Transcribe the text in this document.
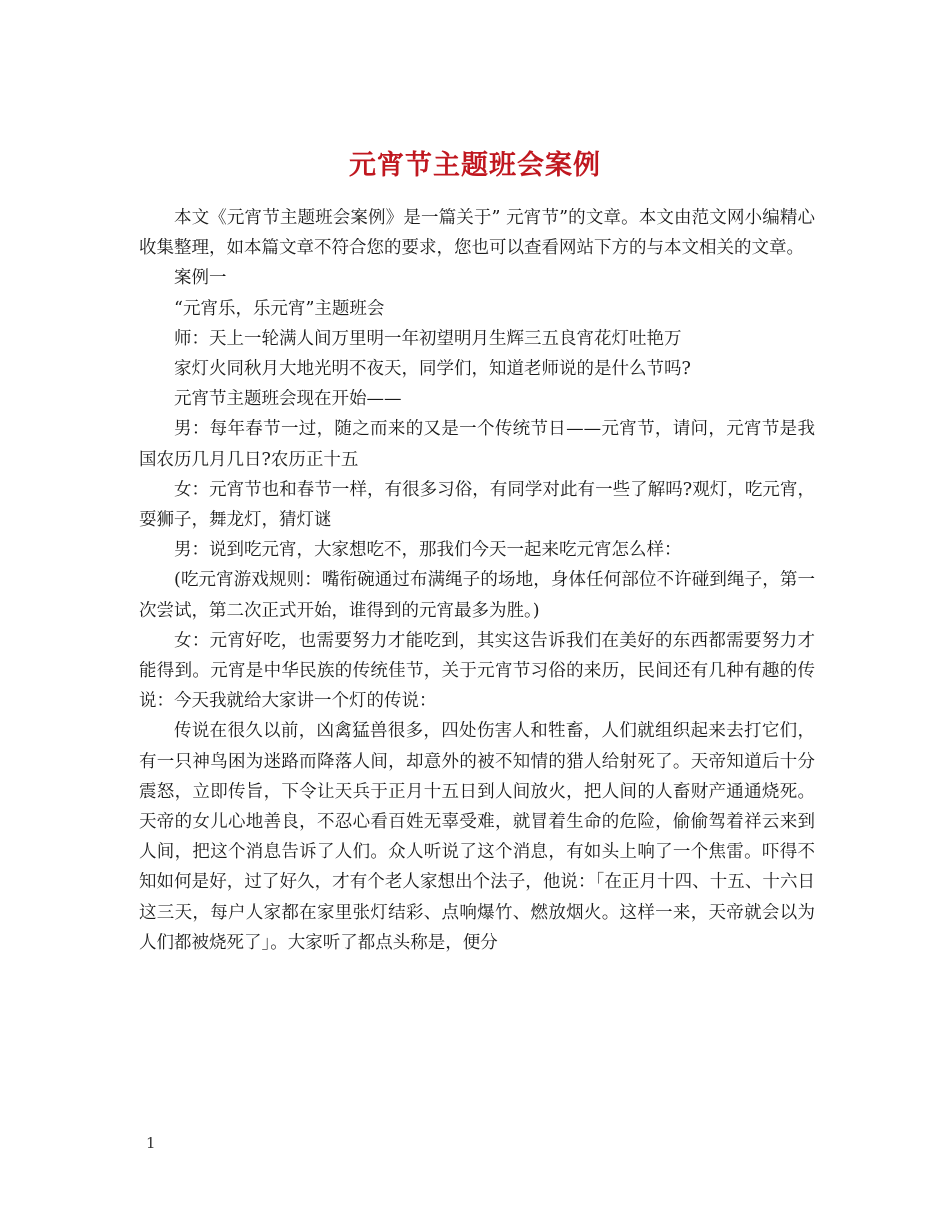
元宵节主题班会案例

本文《元宵节主题班会案例》是一篇关于” 元宵节”的文章。本文由范文网小编精心收集整理，如本篇文章不符合您的要求，您也可以查看网站下方的与本文相关的文章。

案例一

“元宵乐，乐元宵”主题班会

师：天上一轮满人间万里明一年初望明月生辉三五良宵花灯吐艳万

家灯火同秋月大地光明不夜天，同学们，知道老师说的是什么节吗?

元宵节主题班会现在开始——

男：每年春节一过，随之而来的又是一个传统节日——元宵节，请问，元宵节是我国农历几月几日?农历正十五

女：元宵节也和春节一样，有很多习俗，有同学对此有一些了解吗?观灯，吃元宵，耍狮子，舞龙灯，猜灯谜

男：说到吃元宵，大家想吃不，那我们今天一起来吃元宵怎么样：

(吃元宵游戏规则：嘴衔碗通过布满绳子的场地，身体任何部位不许碰到绳子，第一次尝试，第二次正式开始，谁得到的元宵最多为胜。)

女：元宵好吃，也需要努力才能吃到，其实这告诉我们在美好的东西都需要努力才能得到。元宵是中华民族的传统佳节，关于元宵节习俗的来历，民间还有几种有趣的传说：今天我就给大家讲一个灯的传说：

传说在很久以前，凶禽猛兽很多，四处伤害人和牲畜，人们就组织起来去打它们，有一只神鸟困为迷路而降落人间，却意外的被不知情的猎人给射死了。天帝知道后十分震怒，立即传旨，下令让天兵于正月十五日到人间放火，把人间的人畜财产通通烧死。天帝的女儿心地善良，不忍心看百姓无辜受难，就冒着生命的危险，偷偷驾着祥云来到人间，把这个消息告诉了人们。众人听说了这个消息，有如头上响了一个焦雷。吓得不知如何是好，过了好久，才有个老人家想出个法子，他说：「在正月十四、十五、十六日这三天，每户人家都在家里张灯结彩、点响爆竹、燃放烟火。这样一来，天帝就会以为人们都被烧死了」。大家听了都点头称是，便分

1
